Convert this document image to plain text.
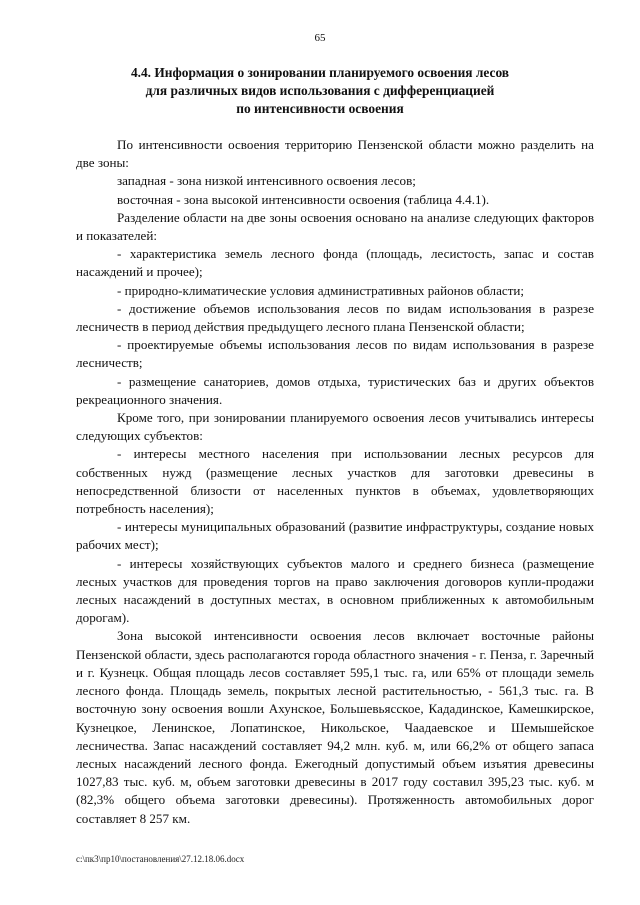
65
4.4. Информация о зонировании планируемого освоения лесов
для различных видов использования с дифференциацией
по интенсивности освоения
По интенсивности освоения территорию Пензенской области можно разделить на две зоны:
западная - зона низкой интенсивного освоения лесов;
восточная - зона высокой интенсивности освоения (таблица 4.4.1).
Разделение области на две зоны освоения основано на анализе следующих факторов и показателей:
- характеристика земель лесного фонда (площадь, лесистость, запас и состав насаждений и прочее);
- природно-климатические условия административных районов области;
- достижение объемов использования лесов по видам использования в разрезе лесничеств в период действия предыдущего лесного плана Пензенской области;
- проектируемые объемы использования лесов по видам использования в разрезе лесничеств;
- размещение санаториев, домов отдыха, туристических баз и других объектов рекреационного значения.
Кроме того, при зонировании планируемого освоения лесов учитывались интересы следующих субъектов:
- интересы местного населения при использовании лесных ресурсов для собственных нужд (размещение лесных участков для заготовки древесины в непосредственной близости от населенных пунктов в объемах, удовлетворяющих потребность населения);
- интересы муниципальных образований (развитие инфраструктуры, создание новых рабочих мест);
- интересы хозяйствующих субъектов малого и среднего бизнеса (размещение лесных участков для проведения торгов на право заключения договоров купли-продажи лесных насаждений в доступных местах, в основном приближенных к автомобильным дорогам).
Зона высокой интенсивности освоения лесов включает восточные районы Пензенской области, здесь располагаются города областного значения - г. Пенза, г. Заречный и г. Кузнецк. Общая площадь лесов составляет 595,1 тыс. га, или 65% от площади земель лесного фонда. Площадь земель, покрытых лесной растительностью, - 561,3 тыс. га. В восточную зону освоения вошли Ахунское, Большевьясское, Кададинское, Камешкирское, Кузнецкое, Ленинское, Лопатинское, Никольское, Чаадаевское и Шемышейское лесничества. Запас насаждений составляет 94,2 млн. куб. м, или 66,2% от общего запаса лесных насаждений лесного фонда. Ежегодный допустимый объем изъятия древесины 1027,83 тыс. куб. м, объем заготовки древесины в 2017 году составил 395,23 тыс. куб. м (82,3% общего объема заготовки древесины). Протяженность автомобильных дорог составляет 8 257 км.
c:\пк3\пр10\постановления\27.12.18.06.docx
